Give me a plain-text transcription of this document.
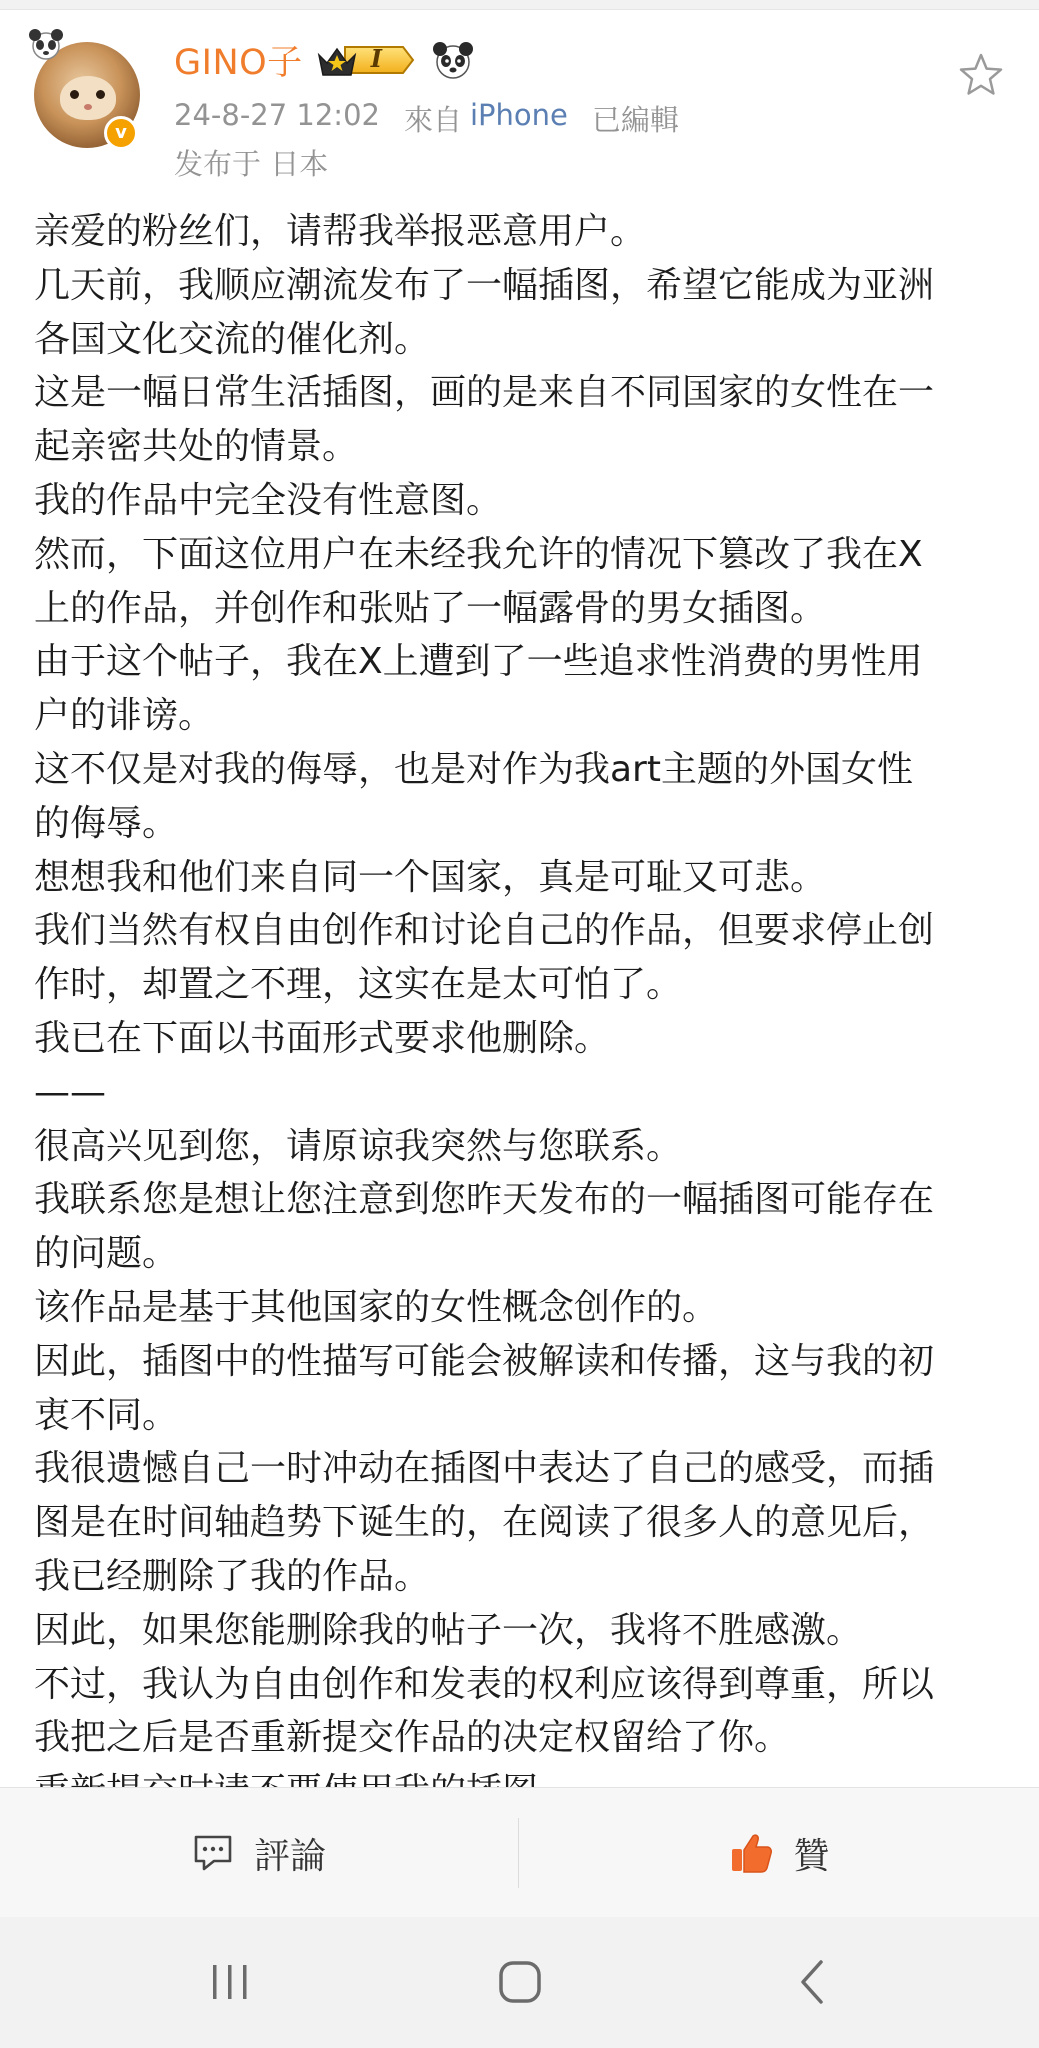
v
GINO子	I
24-8-27 12:02 來自 iPhone 已編輯
发布于 日本

亲爱的粉丝们，请帮我举报恶意用户。

几天前，我顺应潮流发布了一幅插图，希望它能成为亚洲

各国文化交流的催化剂。

这是一幅日常生活插图，画的是来自不同国家的女性在一

起亲密共处的情景。

我的作品中完全没有性意图。

然而，下面这位用户在未经我允许的情况下篡改了我在X

上的作品，并创作和张贴了一幅露骨的男女插图。

由于这个帖子，我在X上遭到了一些追求性消费的男性用

户的诽谤。

这不仅是对我的侮辱，也是对作为我art主题的外国女性

的侮辱。

想想我和他们来自同一个国家，真是可耻又可悲。

我们当然有权自由创作和讨论自己的作品，但要求停止创

作时，却置之不理，这实在是太可怕了。

我已在下面以书面形式要求他删除。

——

很高兴见到您，请原谅我突然与您联系。

我联系您是想让您注意到您昨天发布的一幅插图可能存在

的问题。

该作品是基于其他国家的女性概念创作的。

因此，插图中的性描写可能会被解读和传播，这与我的初

衷不同。

我很遗憾自己一时冲动在插图中表达了自己的感受，而插

图是在时间轴趋势下诞生的，在阅读了很多人的意见后，

我已经删除了我的作品。

因此，如果您能删除我的帖子一次，我将不胜感激。

不过，我认为自由创作和发表的权利应该得到尊重，所以

我把之后是否重新提交作品的决定权留给了你。

評論	贊
